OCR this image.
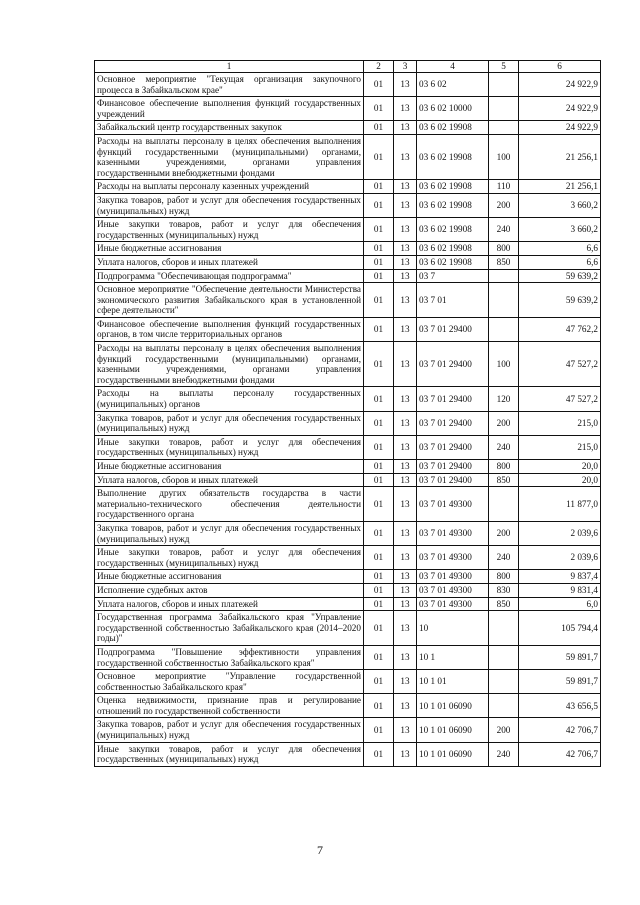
1	2	3	4	5	6
Основное мероприятие "Текущая организация закупочного процесса в Забайкальском крае"	01	13	03 6 02		24 922,9
Финансовое обеспечение выполнения функций государственных учреждений	01	13	03 6 02 10000		24 922,9
Забайкальский центр государственных закупок	01	13	03 6 02 19908		24 922,9
Расходы на выплаты персоналу в целях обеспечения выполнения функций государственными (муниципальными) органами, казенными учреждениями, органами управления государственными внебюджетными фондами	01	13	03 6 02 19908	100	21 256,1
Расходы на выплаты персоналу казенных учреждений	01	13	03 6 02 19908	110	21 256,1
Закупка товаров, работ и услуг для обеспечения государственных (муниципальных) нужд	01	13	03 6 02 19908	200	3 660,2
Иные закупки товаров, работ и услуг для обеспечения государственных (муниципальных) нужд	01	13	03 6 02 19908	240	3 660,2
Иные бюджетные ассигнования	01	13	03 6 02 19908	800	6,6
Уплата налогов, сборов и иных платежей	01	13	03 6 02 19908	850	6,6
Подпрограмма "Обеспечивающая подпрограмма"	01	13	03 7		59 639,2
Основное мероприятие "Обеспечение деятельности Министерства экономического развития Забайкальского края в установленной сфере деятельности"	01	13	03 7 01		59 639,2
Финансовое обеспечение выполнения функций государственных органов, в том числе территориальных органов	01	13	03 7 01 29400		47 762,2
Расходы на выплаты персоналу в целях обеспечения выполнения функций государственными (муниципальными) органами, казенными учреждениями, органами управления государственными внебюджетными фондами	01	13	03 7 01 29400	100	47 527,2
Расходы на выплаты персоналу государственных (муниципальных) органов	01	13	03 7 01 29400	120	47 527,2
Закупка товаров, работ и услуг для обеспечения государственных (муниципальных) нужд	01	13	03 7 01 29400	200	215,0
Иные закупки товаров, работ и услуг для обеспечения государственных (муниципальных) нужд	01	13	03 7 01 29400	240	215,0
Иные бюджетные ассигнования	01	13	03 7 01 29400	800	20,0
Уплата налогов, сборов и иных платежей	01	13	03 7 01 29400	850	20,0
Выполнение других обязательств государства в части материально-технического обеспечения деятельности государственного органа	01	13	03 7 01 49300		11 877,0
Закупка товаров, работ и услуг для обеспечения государственных (муниципальных) нужд	01	13	03 7 01 49300	200	2 039,6
Иные закупки товаров, работ и услуг для обеспечения государственных (муниципальных) нужд	01	13	03 7 01 49300	240	2 039,6
Иные бюджетные ассигнования	01	13	03 7 01 49300	800	9 837,4
Исполнение судебных актов	01	13	03 7 01 49300	830	9 831,4
Уплата налогов, сборов и иных платежей	01	13	03 7 01 49300	850	6,0
Государственная программа Забайкальского края "Управление государственной собственностью Забайкальского края (2014–2020 годы)"	01	13	10		105 794,4
Подпрограмма "Повышение эффективности управления государственной собственностью Забайкальского края"	01	13	10 1		59 891,7
Основное мероприятие "Управление государственной собственностью Забайкальского края"	01	13	10 1 01		59 891,7
Оценка недвижимости, признание прав и регулирование отношений по государственной собственности	01	13	10 1 01 06090		43 656,5
Закупка товаров, работ и услуг для обеспечения государственных (муниципальных) нужд	01	13	10 1 01 06090	200	42 706,7
Иные закупки товаров, работ и услуг для обеспечения государственных (муниципальных) нужд	01	13	10 1 01 06090	240	42 706,7
7
